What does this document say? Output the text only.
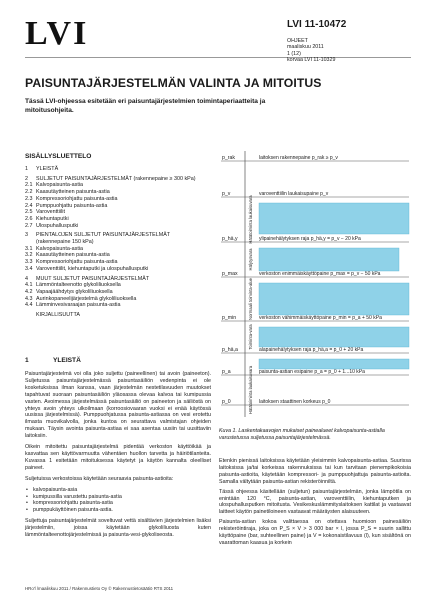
LVI	LVI 11-10472
OHJEET
maaliskuu 2011
1 (12)
korvaa LVI 11-10329
PAISUNTAJÄRJESTELMÄN VALINTA JA MITOITUS
Tässä LVI-ohjeessa esitetään eri paisuntajärjestelmien toimintaperiaatteita ja mitoitusohjeita.
SISÄLLYSLUETTELO
1	YLEISTÄ
2	SULJETUT PAISUNTAJÄRJESTELMÄT (rakennepaine ≥ 300 kPa)
2.1 Kalvopaisunta-astia
2.2 Kaasutäytteinen paisunta-astia
2.3 Kompressoriohjattu paisunta-astia
2.4 Pumppuohjattu paisunta-astia
2.5 Varoventtiilit
2.6 Kiehuntaputki
2.7 Ulospuhallusputki
3	PIENTALOJEN SULJETUT PAISUNTAJÄRJESTELMÄT
(rakennepaine 150 kPa)
3.1 Kalvopaisunta-astia
3.2 Kaasutäytteinen paisunta-astia
3.3 Kompressoriohjattu paisunta-astia
3.4 Varoventtiilit, kiehuntaputki ja ulospuhallusputki
4	MUUT SULJETUT PAISUNTAJÄRJESTELMÄT
4.1 Lämmöntalteenotto glykoliliuoksella
4.2 Vapaajäähdytys glykoliliuoksella
4.3 Aurinkopaneelijärjestelmä glykoliliuoksella
4.4 Lämminvesivaraajan paisunta-astia
KIRJALLISUUTTA
1	YLEISTÄ

Paisuntajärjestelmä voi olla joko suljettu (paineellinen) tai avoin (paineeton). Suljetussa paisuntajärjestelmässä paisuntasäiliön vedenpinta ei ole kosketuksissa ilman kanssa, vaan järjestelmän nestetilavuuden muutokset tapahtuvat suoraan paisuntasäiliön yläosassa olevaa kalvoa tai kumipussia vasten. Avoimessa järjestelmässä paisuntasäiliö on paineeton ja säiliöstä on yhteys avoin yhteys ulkoilmaan (korroosiovaaran vuoksi ei enää käytössä uusissa järjestelmissä). Pumppuohjatussa paisunta-astiassa on vesi erotettu ilmasta muovikalvolla, jonka kuntoa on seurattava valmistajan ohjeiden mukaan. Täysin avointa paisunta-astiaa ei saa asentaa uusiin tai uusittaviin laitoksiin.

Oikein mitoitettu paisuntajärjestelmä pidentää verkoston käyttöikää ja kasvattaa sen käyttövarmuutta vähentäen huollon tarvetta ja häiriötilanteita. Kuvassa 1 esitetään mitoituksessa käytetyt ja käytön kannalta oleelliset paineet.

Suljetuissa verkostoissa käytetään seuraavia paisunta-astioita:

• kalvopaisunta-asia
• kumipussilla varustettu paisunta-astia
• kompressoriohjattu paisunta-astia
• pumppukäyttöinen paisunta-astia.

Suljettuja paisuntajärjestelmät soveltuvat vettä sisältävien järjestelmien lisäksi järjestelmiin, joissa käytetään glykoliliuosta kuten lämmöntalteenottojärjestelmissä ja paisunta-vesi-glykoliseosta.

p_rak	laitoksen rakennepaine p_rak ≥ p_v
p_v	varoventtiilin laukaisupaine p_v
p_hä,y	ylipainehälytyksen raja p_hä,y = p_v − 20 kPa
p_max	verkoston enimmäiskäyttöpaine p_max = p_v − 50 kPa
p_min	verkoston vähimmäiskäyttöpaine p_min = p_a + 50 kPa
p_hä,a	alapainehälytyksen raja p_hä,a = p_0 + 20 kPa
p_a	paisunta-astian esipaine p_a = p_0 + 1...10 kPa
p_0	laitoksen staattinen korkeus p_0
Hätätoiminta laukaisuvara
Hälytysvara
Normaali toiminta-alue
Toiminta-vara
Hätätoiminta laukaisuvara
Kuva 1. Laskentakaavojen mukaiset painealueet kalvopaisunta-astialla varustetussa suljetussa paisuntajärjestelmässä.

Etenkin pienissä laitoksissa käytetään yleisimmin kalvopaisunta-astiaa. Suurissa laitoksissa ja/tai korkeissa rakennuksissa tai kun tarvitaan pienempikokoisia paisunta-astioita, käytetään kompressori- ja pumppuohjattuja paisunta-astioita. Samalla vältytään paisunta-astian rekisteröinniltä.

Tässä ohjeessa käsitellään (suljetun) paisuntajärjestelmän, jonka lämpötila on enintään 120 °C, paisunta-astian, varoventtiilin, kiehuntaputken ja ulospuhallusputken mitoitusta. Vesikeskuslämmityslaitoksen kattilat ja vastaavat laitteet käytön painetiloineen vastaavat määräysten alaisuuteen.

Paisunta-astian kokoa valittaessa on otettava huomioon painesäiliön rekisteröintiraja, joka on P_S × V > 3 000 bar × l, jossa P_S = suurin sallittu käyttöpaine (bar, suhteellinen paine) ja V = kokonaistilavuus (l), kun sisältönä on vaarattoman kaasua ja korkein

HRo'l /maaliskuu 2011 / Rakennustieto Oy © Rakennustietosäätiö RTS 2011
